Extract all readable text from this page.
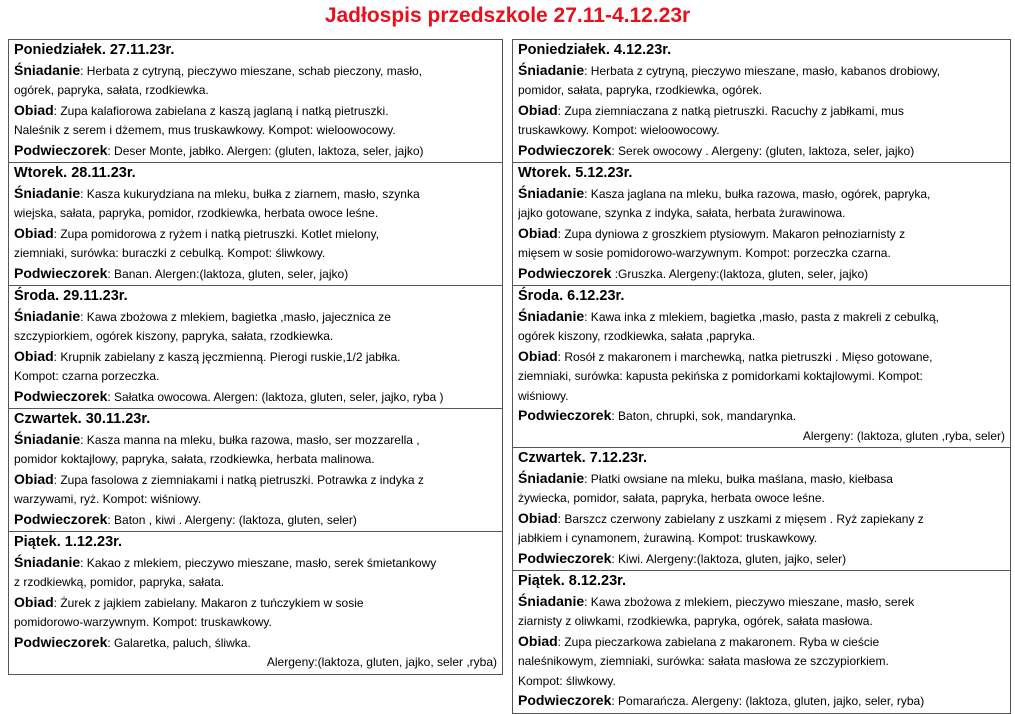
Jadłospis przedszkole 27.11-4.12.23r
Poniedziałek. 27.11.23r.
Śniadanie: Herbata z cytryną, pieczywo mieszane, schab pieczony, masło,
ogórek, papryka, sałata, rzodkiewka.
Obiad: Zupa kalafiorowa zabielana z kaszą jaglaną i natką pietruszki.
Naleśnik z serem i dżemem, mus truskawkowy. Kompot: wieloowocowy.
Podwieczorek: Deser Monte, jabłko. Alergen: (gluten, laktoza, seler, jajko)
Wtorek. 28.11.23r.
Śniadanie: Kasza kukurydziana na mleku, bułka z ziarnem, masło, szynka
wiejska, sałata, papryka, pomidor, rzodkiewka, herbata owoce leśne.
Obiad: Zupa pomidorowa z ryżem i natką pietruszki. Kotlet mielony,
ziemniaki, surówka: buraczki z cebulką. Kompot: śliwkowy.
Podwieczorek: Banan. Alergen:(laktoza, gluten, seler, jajko)
Środa. 29.11.23r.
Śniadanie: Kawa zbożowa z mlekiem, bagietka ,masło, jajecznica ze
szczypiorkiem, ogórek kiszony, papryka, sałata, rzodkiewka.
Obiad: Krupnik zabielany z kaszą jęczmienną. Pierogi ruskie,1/2 jabłka.
Kompot: czarna porzeczka.
Podwieczorek: Sałatka owocowa. Alergen: (laktoza, gluten, seler, jajko, ryba )
Czwartek. 30.11.23r.
Śniadanie: Kasza manna na mleku, bułka razowa, masło, ser mozzarella ,
pomidor koktajlowy, papryka, sałata, rzodkiewka, herbata malinowa.
Obiad: Zupa fasolowa z ziemniakami i natką pietruszki. Potrawka z indyka z
warzywami, ryż. Kompot: wiśniowy.
Podwieczorek: Baton , kiwi . Alergeny: (laktoza, gluten, seler)
Piątek. 1.12.23r.
Śniadanie: Kakao z mlekiem, pieczywo mieszane, masło, serek śmietankowy
z rzodkiewką, pomidor, papryka, sałata.
Obiad: Żurek z jajkiem zabielany. Makaron z tuńczykiem w sosie
pomidorowo-warzywnym. Kompot: truskawkowy.
Podwieczorek: Galaretka, paluch, śliwka.
Alergeny:(laktoza, gluten, jajko, seler ,ryba)
Poniedziałek. 4.12.23r.
Śniadanie: Herbata z cytryną, pieczywo mieszane, masło, kabanos drobiowy,
pomidor, sałata, papryka, rzodkiewka, ogórek.
Obiad: Zupa ziemniaczana z natką pietruszki. Racuchy z jabłkami, mus
truskawkowy. Kompot: wieloowocowy.
Podwieczorek: Serek owocowy . Alergeny: (gluten, laktoza, seler, jajko)
Wtorek. 5.12.23r.
Śniadanie: Kasza jaglana na mleku, bułka razowa, masło, ogórek, papryka,
jajko gotowane, szynka z indyka, sałata, herbata żurawinowa.
Obiad: Zupa dyniowa z groszkiem ptysiowym. Makaron pełnoziarnisty z
mięsem w sosie pomidorowo-warzywnym. Kompot: porzeczka czarna.
Podwieczorek :Gruszka. Alergeny:(laktoza, gluten, seler, jajko)
Środa. 6.12.23r.
Śniadanie: Kawa inka z mlekiem, bagietka ,masło, pasta z makreli z cebulką,
ogórek kiszony, rzodkiewka, sałata ,papryka.
Obiad: Rosół z makaronem i marchewką, natka pietruszki . Mięso gotowane,
ziemniaki, surówka: kapusta pekińska z pomidorkami koktajlowymi. Kompot:
wiśniowy.
Podwieczorek: Baton, chrupki, sok, mandarynka.
Alergeny: (laktoza, gluten ,ryba, seler)
Czwartek. 7.12.23r.
Śniadanie: Płatki owsiane na mleku, bułka maślana, masło, kiełbasa
żywiecka, pomidor, sałata, papryka, herbata owoce leśne.
Obiad: Barszcz czerwony zabielany z uszkami z mięsem . Ryż zapiekany z
jabłkiem i cynamonem, żurawiną. Kompot: truskawkowy.
Podwieczorek: Kiwi. Alergeny:(laktoza, gluten, jajko, seler)
Piątek. 8.12.23r.
Śniadanie: Kawa zbożowa z mlekiem, pieczywo mieszane, masło, serek
ziarnisty z oliwkami, rzodkiewka, papryka, ogórek, sałata masłowa.
Obiad: Zupa pieczarkowa zabielana z makaronem. Ryba w cieście
naleśnikowym, ziemniaki, surówka: sałata masłowa ze szczypiorkiem.
Kompot: śliwkowy.
Podwieczorek: Pomarańcza. Alergeny: (laktoza, gluten, jajko, seler, ryba)
